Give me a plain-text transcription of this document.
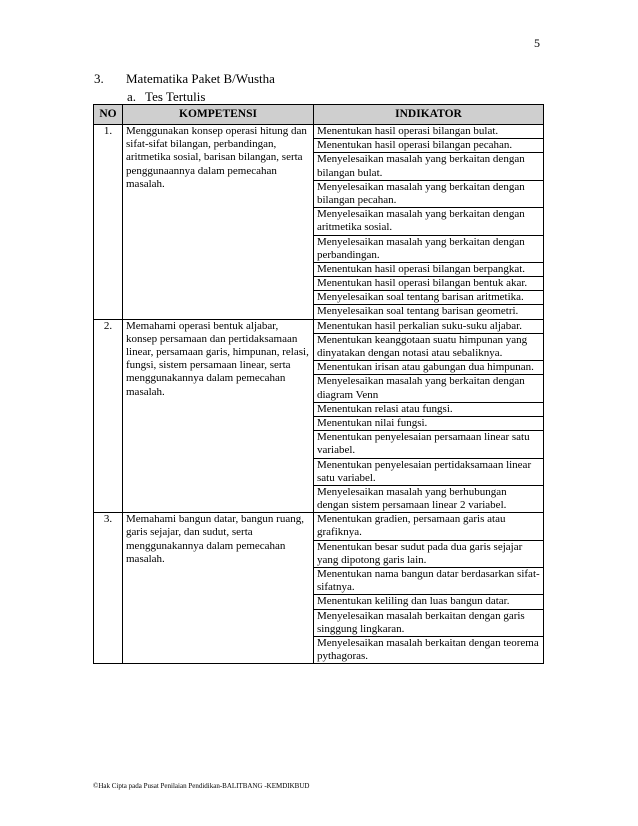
5
3.	Matematika Paket B/Wustha
a. Tes Tertulis
NO	KOMPETENSI	INDIKATOR
1.	Menggunakan konsep operasi hitung dan sifat-sifat bilangan, perbandingan, aritmetika sosial, barisan bilangan, serta penggunaannya dalam pemecahan masalah.	Menentukan hasil operasi bilangan bulat.
		Menentukan hasil operasi bilangan pecahan.
		Menyelesaikan masalah yang berkaitan dengan bilangan bulat.
		Menyelesaikan masalah yang berkaitan dengan bilangan pecahan.
		Menyelesaikan masalah yang berkaitan dengan aritmetika sosial.
		Menyelesaikan masalah yang berkaitan dengan perbandingan.
		Menentukan hasil operasi bilangan berpangkat.
		Menentukan hasil operasi bilangan bentuk akar.
		Menyelesaikan soal tentang barisan aritmetika.
		Menyelesaikan soal tentang barisan geometri.
2.	Memahami operasi bentuk aljabar, konsep persamaan dan pertidaksamaan linear, persamaan garis, himpunan, relasi, fungsi, sistem persamaan linear, serta menggunakannya dalam pemecahan masalah.	Menentukan hasil perkalian suku-suku aljabar.
		Menentukan keanggotaan suatu himpunan yang dinyatakan dengan notasi atau sebaliknya.
		Menentukan irisan atau gabungan dua himpunan.
		Menyelesaikan masalah yang berkaitan dengan diagram Venn
		Menentukan relasi atau fungsi.
		Menentukan nilai fungsi.
		Menentukan penyelesaian persamaan linear satu variabel.
		Menentukan penyelesaian pertidaksamaan linear satu variabel.
		Menyelesaikan masalah yang berhubungan dengan sistem persamaan linear 2 variabel.
3.	Memahami bangun datar, bangun ruang, garis sejajar, dan sudut, serta menggunakannya dalam pemecahan masalah.	Menentukan gradien, persamaan garis atau grafiknya.
		Menentukan besar sudut pada dua garis sejajar yang dipotong garis lain.
		Menentukan nama bangun datar berdasarkan sifat-sifatnya.
		Menentukan keliling dan luas bangun datar.
		Menyelesaikan masalah berkaitan dengan garis singgung lingkaran.
		Menyelesaikan masalah berkaitan dengan teorema pythagoras.
©Hak Cipta pada Pusat Penilaian Pendidikan-BALITBANG -KEMDIKBUD
